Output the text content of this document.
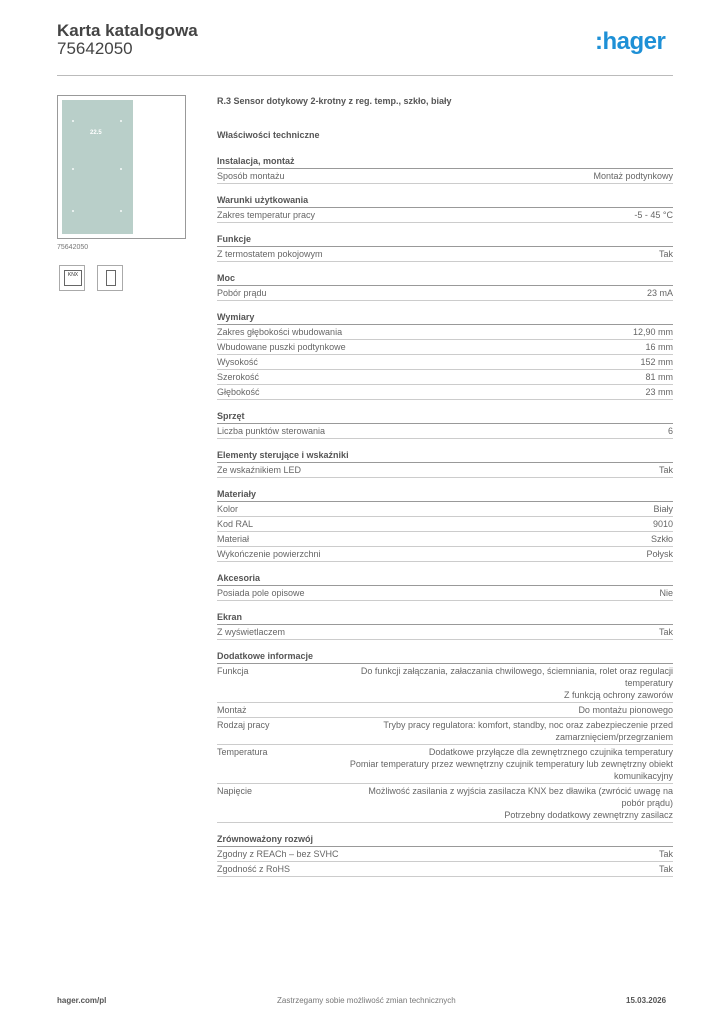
Karta katalogowa
75642050	:hager
22.5
75642050
KNX
R.3 Sensor dotykowy 2-krotny z reg. temp., szkło, biały
Właściwości techniczne
Instalacja, montaż
Sposób montażu	Montaż podtynkowy
Warunki użytkowania
Zakres temperatur pracy	-5 - 45 °C
Funkcje
Z termostatem pokojowym	Tak
Moc
Pobór prądu	23 mA
Wymiary
Zakres głębokości wbudowania	12,90 mm
Wbudowane puszki podtynkowe	16 mm
Wysokość	152 mm
Szerokość	81 mm
Głębokość	23 mm
Sprzęt
Liczba punktów sterowania	6
Elementy sterujące i wskaźniki
Ze wskaźnikiem LED	Tak
Materiały
Kolor	Biały
Kod RAL	9010
Materiał	Szkło
Wykończenie powierzchni	Połysk
Akcesoria
Posiada pole opisowe	Nie
Ekran
Z wyświetlaczem	Tak
Dodatkowe informacje
Funkcja	Do funkcji załączania, załaczania chwilowego, ściemniania, rolet oraz regulacji temperatury
Z funkcją ochrony zaworów
Montaż	Do montażu pionowego
Rodzaj pracy	Tryby pracy regulatora: komfort, standby, noc oraz zabezpieczenie przed zamarznięciem/przegrzaniem
Temperatura	Dodatkowe przyłącze dla zewnętrznego czujnika temperatury
Pomiar temperatury przez wewnętrzny czujnik temperatury lub zewnętrzny obiekt komunikacyjny
Napięcie	Możliwość zasilania z wyjścia zasilacza KNX bez dławika (zwrócić uwagę na pobór prądu)
Potrzebny dodatkowy zewnętrzny zasilacz
Zrównoważony rozwój
Zgodny z REACh – bez SVHC	Tak
Zgodność z RoHS	Tak
hager.com/pl	Zastrzegamy sobie możliwość zmian technicznych	15.03.2026
